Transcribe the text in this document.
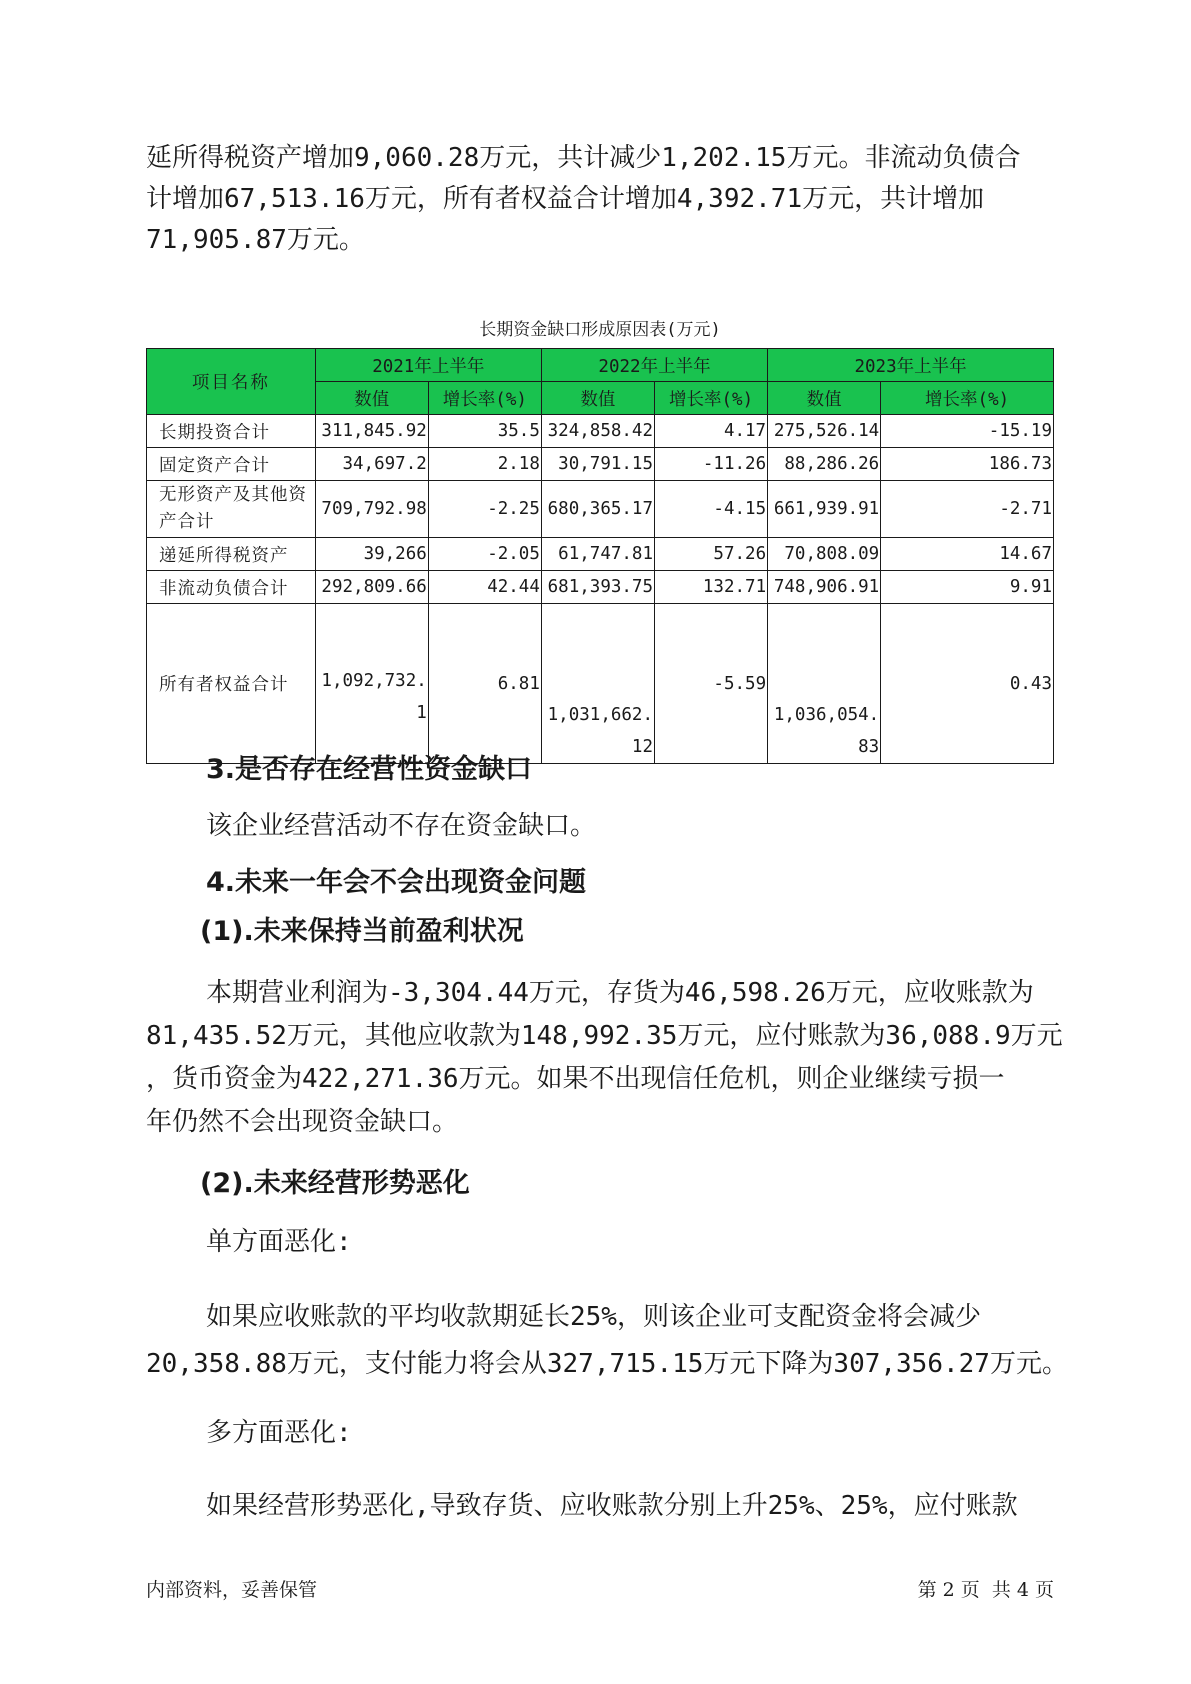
延所得税资产增加9,060.28万元，共计减少1,202.15万元。非流动负债合
计增加67,513.16万元，所有者权益合计增加4,392.71万元，共计增加
71,905.87万元。

长期资金缺口形成原因表(万元)
项目名称	2021年上半年		2022年上半年		2023年上半年	
	数值	增长率(%)	数值	增长率(%)	数值	增长率(%)
长期投资合计	311,845.92	35.5	324,858.42	4.17	275,526.14	-15.19
固定资产合计	34,697.2	2.18	30,791.15	-11.26	88,286.26	186.73
无形资产及其他资产合计	709,792.98	-2.25	680,365.17	-4.15	661,939.91	-2.71
递延所得税资产	39,266	-2.05	61,747.81	57.26	70,808.09	14.67
非流动负债合计	292,809.66	42.44	681,393.75	132.71	748,906.91	9.91
所有者权益合计	1,092,732.1	6.81	1,031,662.12	-5.59	1,036,054.83	0.43
3.是否存在经营性资金缺口

该企业经营活动不存在资金缺口。

4.未来一年会不会出现资金问题
(1).未来保持当前盈利状况

本期营业利润为-3,304.44万元，存货为46,598.26万元，应收账款为
81,435.52万元，其他应收款为148,992.35万元，应付账款为36,088.9万元
，货币资金为422,271.36万元。如果不出现信任危机，则企业继续亏损一
年仍然不会出现资金缺口。

(2).未来经营形势恶化

单方面恶化:

如果应收账款的平均收款期延长25%，则该企业可支配资金将会减少
20,358.88万元，支付能力将会从327,715.15万元下降为307,356.27万元。

多方面恶化:

如果经营形势恶化,导致存货、应收账款分别上升25%、25%，应付账款

内部资料，妥善保管	第 2 页  共 4 页
